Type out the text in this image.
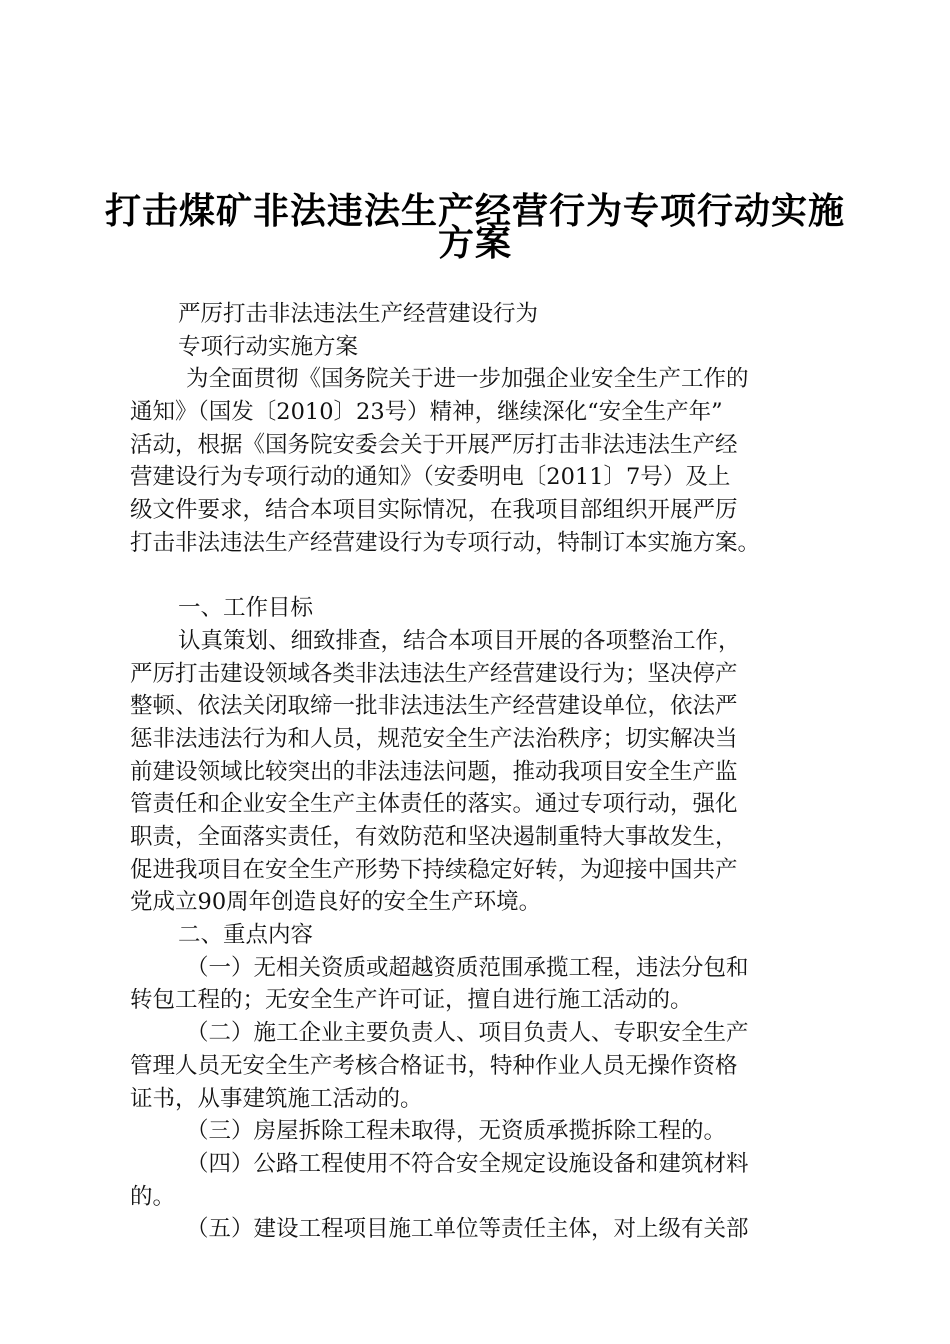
打击煤矿非法违法生产经营行为专项行动实施
方案
严厉打击非法违法生产经营建设行为
专项行动实施方案
为全面贯彻《国务院关于进一步加强企业安全生产工作的
通知》（国发〔2010〕23号）精神，继续深化“安全生产年”
活动，根据《国务院安委会关于开展严厉打击非法违法生产经
营建设行为专项行动的通知》（安委明电〔2011〕7号）及上
级文件要求，结合本项目实际情况，在我项目部组织开展严厉
打击非法违法生产经营建设行为专项行动，特制订本实施方案。
一、工作目标
认真策划、细致排查，结合本项目开展的各项整治工作，
严厉打击建设领域各类非法违法生产经营建设行为；坚决停产
整顿、依法关闭取缔一批非法违法生产经营建设单位，依法严
惩非法违法行为和人员，规范安全生产法治秩序；切实解决当
前建设领域比较突出的非法违法问题，推动我项目安全生产监
管责任和企业安全生产主体责任的落实。通过专项行动，强化
职责，全面落实责任，有效防范和坚决遏制重特大事故发生，
促进我项目在安全生产形势下持续稳定好转，为迎接中国共产
党成立90周年创造良好的安全生产环境。
二、重点内容
（一）无相关资质或超越资质范围承揽工程，违法分包和
转包工程的；无安全生产许可证，擅自进行施工活动的。
（二）施工企业主要负责人、项目负责人、专职安全生产
管理人员无安全生产考核合格证书，特种作业人员无操作资格
证书，从事建筑施工活动的。
（三）房屋拆除工程未取得，无资质承揽拆除工程的。
（四）公路工程使用不符合安全规定设施设备和建筑材料
的。
（五）建设工程项目施工单位等责任主体，对上级有关部
